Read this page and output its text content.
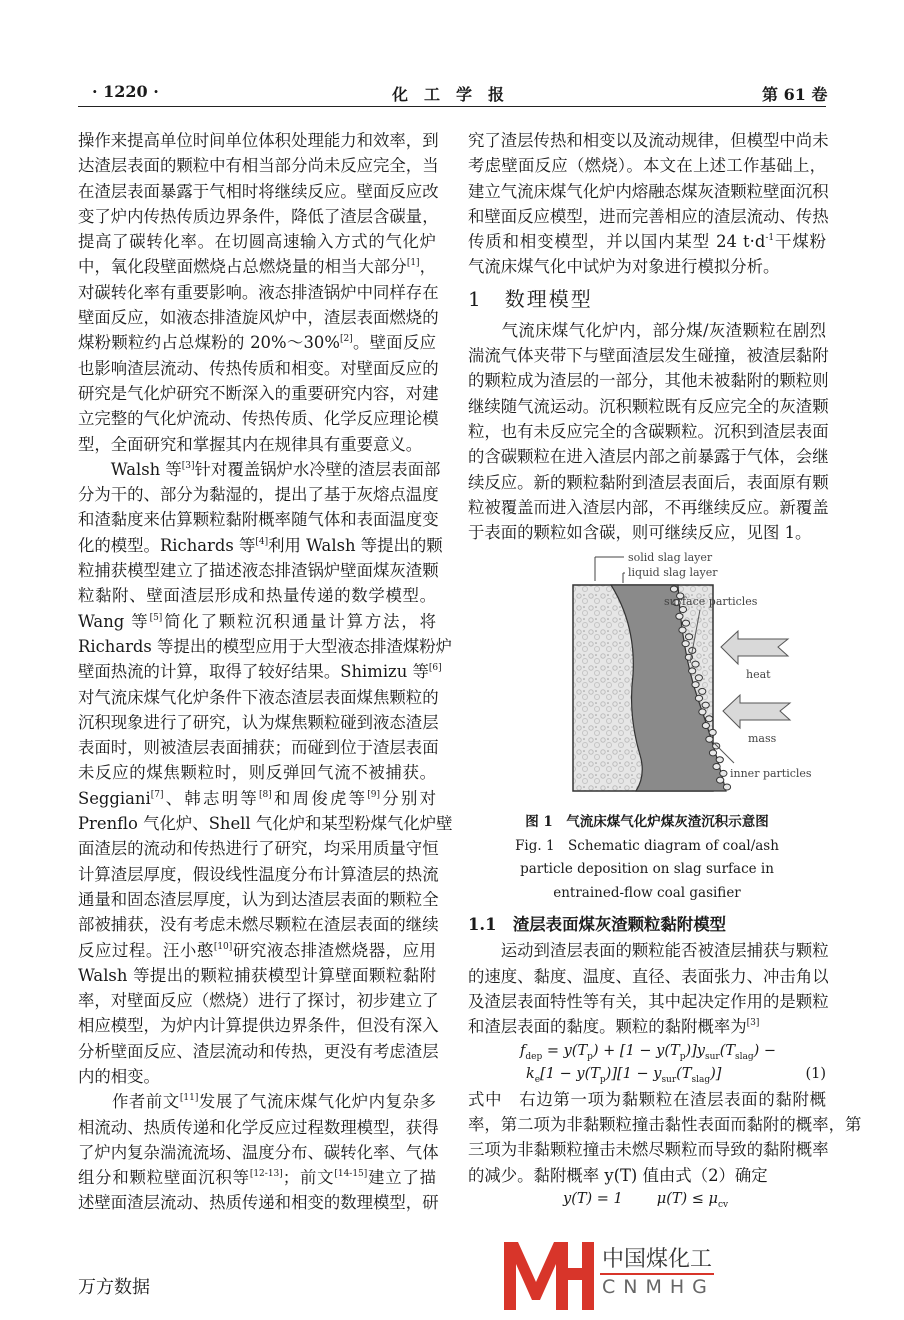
· 1220 ·	化　工　学　报	第 61 卷
操作来提高单位时间单位体积处理能力和效率，到
达渣层表面的颗粒中有相当部分尚未反应完全，当
在渣层表面暴露于气相时将继续反应。壁面反应改
变了炉内传热传质边界条件，降低了渣层含碳量，
提高了碳转化率。在切圆高速输入方式的气化炉
中，氧化段壁面燃烧占总燃烧量的相当大部分[1]，
对碳转化率有重要影响。液态排渣锅炉中同样存在
壁面反应，如液态排渣旋风炉中，渣层表面燃烧的
煤粉颗粒约占总煤粉的 20%～30%[2]。壁面反应
也影响渣层流动、传热传质和相变。对壁面反应的
研究是气化炉研究不断深入的重要研究内容，对建
立完整的气化炉流动、传热传质、化学反应理论模
型，全面研究和掌握其内在规律具有重要意义。
　　Walsh 等[3]针对覆盖锅炉水冷壁的渣层表面部
分为干的、部分为黏湿的，提出了基于灰熔点温度
和渣黏度来估算颗粒黏附概率随气体和表面温度变
化的模型。Richards 等[4]利用 Walsh 等提出的颗
粒捕获模型建立了描述液态排渣锅炉壁面煤灰渣颗
粒黏附、壁面渣层形成和热量传递的数学模型。
Wang 等[5]简化了颗粒沉积通量计算方法，将
Richards 等提出的模型应用于大型液态排渣煤粉炉
壁面热流的计算，取得了较好结果。Shimizu 等[6]
对气流床煤气化炉条件下液态渣层表面煤焦颗粒的
沉积现象进行了研究，认为煤焦颗粒碰到液态渣层
表面时，则被渣层表面捕获；而碰到位于渣层表面
未反应的煤焦颗粒时，则反弹回气流不被捕获。
Seggiani[7]、韩志明等[8]和周俊虎等[9]分别对
Prenflo 气化炉、Shell 气化炉和某型粉煤气化炉壁
面渣层的流动和传热进行了研究，均采用质量守恒
计算渣层厚度，假设线性温度分布计算渣层的热流
通量和固态渣层厚度，认为到达渣层表面的颗粒全
部被捕获，没有考虑未燃尽颗粒在渣层表面的继续
反应过程。汪小憨[10]研究液态排渣燃烧器，应用
Walsh 等提出的颗粒捕获模型计算壁面颗粒黏附
率，对壁面反应（燃烧）进行了探讨，初步建立了
相应模型，为炉内计算提供边界条件，但没有深入
分析壁面反应、渣层流动和传热，更没有考虑渣层
内的相变。
　　作者前文[11]发展了气流床煤气化炉内复杂多
相流动、热质传递和化学反应过程数理模型，获得
了炉内复杂湍流流场、温度分布、碳转化率、气体
组分和颗粒壁面沉积等[12-13]；前文[14-15]建立了描
述壁面渣层流动、热质传递和相变的数理模型，研
究了渣层传热和相变以及流动规律，但模型中尚未
考虑壁面反应（燃烧）。本文在上述工作基础上，
建立气流床煤气化炉内熔融态煤灰渣颗粒壁面沉积
和壁面反应模型，进而完善相应的渣层流动、传热
传质和相变模型，并以国内某型 24 $t\cdot d^{-1}$干煤粉
气流床煤气化中试炉为对象进行模拟分析。
1　数理模型
　　气流床煤气化炉内，部分煤/灰渣颗粒在剧烈
湍流气体夹带下与壁面渣层发生碰撞，被渣层黏附
的颗粒成为渣层的一部分，其他未被黏附的颗粒则
继续随气流运动。沉积颗粒既有反应完全的灰渣颗
粒，也有未反应完全的含碳颗粒。沉积到渣层表面
的含碳颗粒在进入渣层内部之前暴露于气体，会继
续反应。新的颗粒黏附到渣层表面后，表面原有颗
粒被覆盖而进入渣层内部，不再继续反应。新覆盖
于表面的颗粒如含碳，则可继续反应，见图 1。
solid slag layer
liquid slag layer
surface particles
heat
mass
inner particles
图 1　气流床煤气化炉煤灰渣沉积示意图
Fig. 1　Schematic diagram of coal/ash
particle deposition on slag surface in
entrained-flow coal gasifier
1.1　渣层表面煤灰渣颗粒黏附模型
　　运动到渣层表面的颗粒能否被渣层捕获与颗粒
的速度、黏度、温度、直径、表面张力、冲击角以
及渣层表面特性等有关，其中起决定作用的是颗粒
和渣层表面的黏度。颗粒的黏附概率为[3]
$f_{dep} = y(T_p) + [1 - y(T_p)]y_{sur}(T_{slag})$ −
$k_e[1 - y(T_p)][1 - y_{sur}(T_{slag})]$	(1)
式中　右边第一项为黏颗粒在渣层表面的黏附概
率，第二项为非黏颗粒撞击黏性表面而黏附的概率，第
三项为非黏颗粒撞击未燃尽颗粒而导致的黏附概率
的减少。黏附概率 y(T) 值由式（2）确定
y(T) = 1 $\mu(T) \le \mu_{cv}$
中国煤化工
CNMHG
万方数据
